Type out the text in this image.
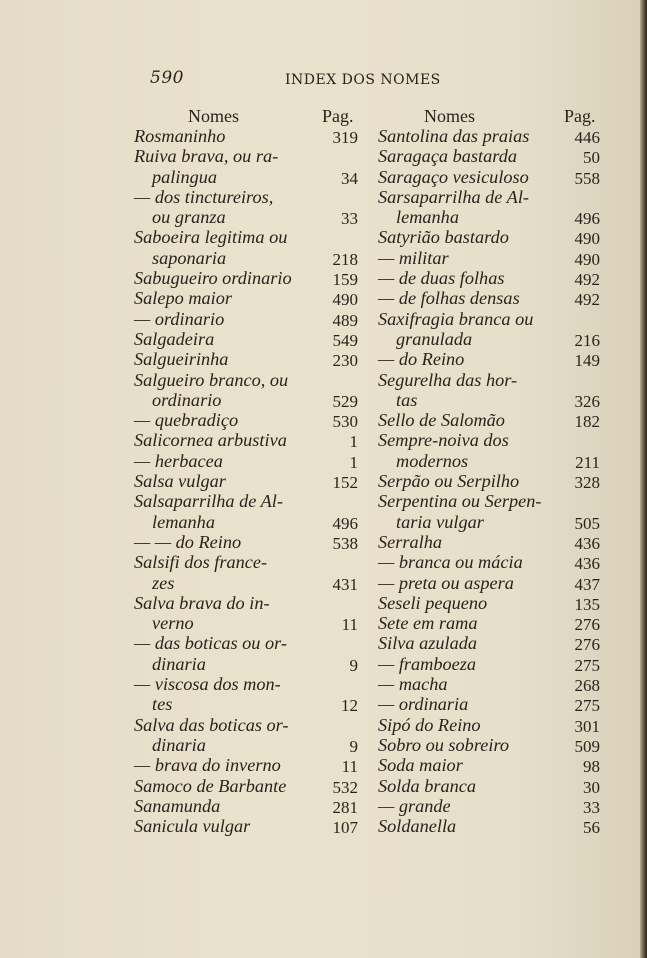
590	INDEX DOS NOMES
Nomes	Pag.	Nomes	Pag.
Rosmaninho	319
Ruiva brava, ou ra-
palingua	34
— dos tinctureiros,
ou granza	33
Saboeira legitima ou
saponaria	218
Sabugueiro ordinario 159
Salepo maior	490
— ordinario	489
Salgadeira	549
Salgueirinha	230
Salgueiro branco, ou
ordinario	529
— quebradiço	530
Salicornea arbustiva	1
— herbacea	1
Salsa vulgar	152
Salsaparrilha de Al-
lemanha	496
— — do Reino	538
Salsifi dos france-
zes	431
Salva brava do in-
verno	11
— das boticas ou or-
dinaria	9
— viscosa dos mon-
tes	12
Salva das boticas or-
dinaria	9
— brava do inverno	11
Samoco de Barbante	532
Sanamunda	281
Sanicula vulgar	107
Santolina das praias	446
Saragaça bastarda	50
Saragaço vesiculoso	558
Sarsaparrilha de Al-
lemanha	496
Satyrião bastardo	490
— militar	490
— de duas folhas	492
— de folhas densas	492
Saxifragia branca ou
granulada	216
— do Reino	149
Segurelha das hor-
tas	326
Sello de Salomão	182
Sempre-noiva dos
modernos	211
Serpão ou Serpilho	328
Serpentina ou Serpen-
taria vulgar	505
Serralha	436
— branca ou mácia	436
— preta ou aspera	437
Seseli pequeno	135
Sete em rama	276
Silva azulada	276
— framboeza	275
— macha	268
— ordinaria	275
Sipó do Reino	301
Sobro ou sobreiro	509
Soda maior	98
Solda branca	30
— grande	33
Soldanella	56
